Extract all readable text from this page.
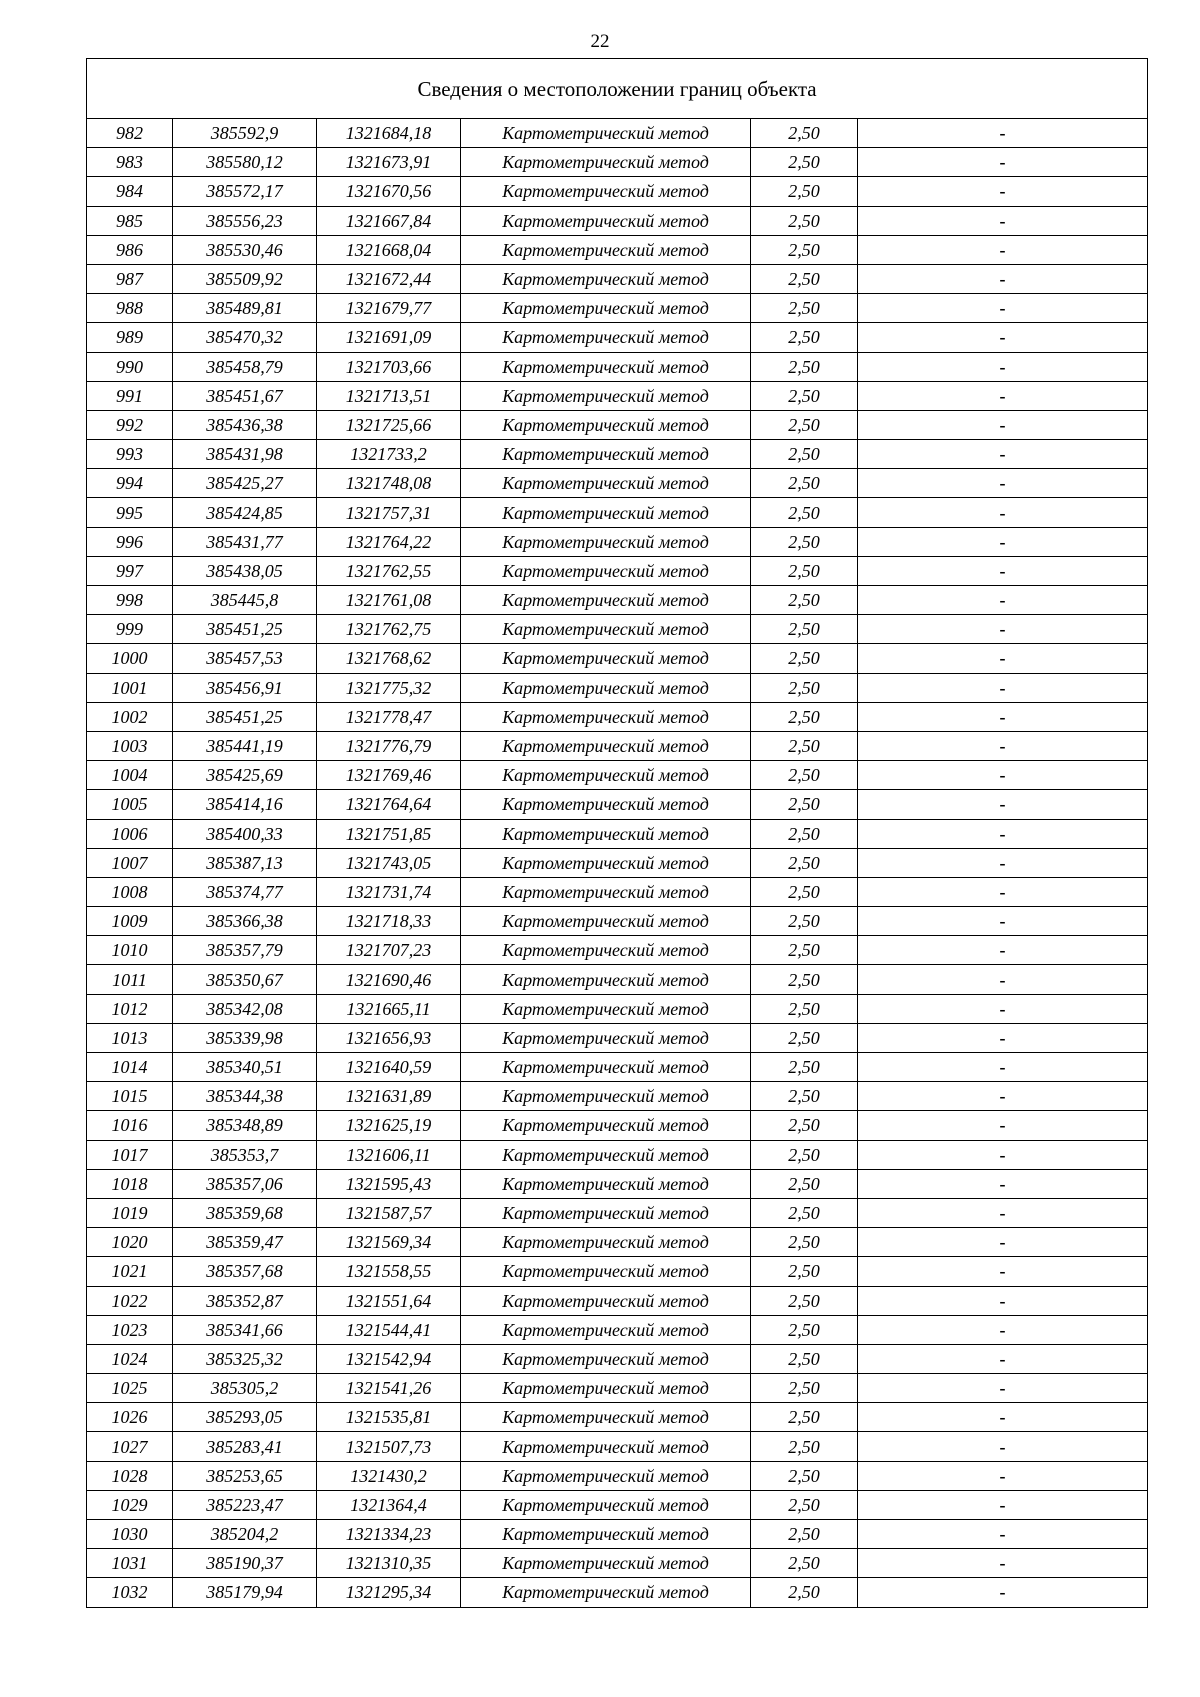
22
Сведения о местоположении границ объекта					
982	385592,9	1321684,18	Картометрический метод	2,50	-
983	385580,12	1321673,91	Картометрический метод	2,50	-
984	385572,17	1321670,56	Картометрический метод	2,50	-
985	385556,23	1321667,84	Картометрический метод	2,50	-
986	385530,46	1321668,04	Картометрический метод	2,50	-
987	385509,92	1321672,44	Картометрический метод	2,50	-
988	385489,81	1321679,77	Картометрический метод	2,50	-
989	385470,32	1321691,09	Картометрический метод	2,50	-
990	385458,79	1321703,66	Картометрический метод	2,50	-
991	385451,67	1321713,51	Картометрический метод	2,50	-
992	385436,38	1321725,66	Картометрический метод	2,50	-
993	385431,98	1321733,2	Картометрический метод	2,50	-
994	385425,27	1321748,08	Картометрический метод	2,50	-
995	385424,85	1321757,31	Картометрический метод	2,50	-
996	385431,77	1321764,22	Картометрический метод	2,50	-
997	385438,05	1321762,55	Картометрический метод	2,50	-
998	385445,8	1321761,08	Картометрический метод	2,50	-
999	385451,25	1321762,75	Картометрический метод	2,50	-
1000	385457,53	1321768,62	Картометрический метод	2,50	-
1001	385456,91	1321775,32	Картометрический метод	2,50	-
1002	385451,25	1321778,47	Картометрический метод	2,50	-
1003	385441,19	1321776,79	Картометрический метод	2,50	-
1004	385425,69	1321769,46	Картометрический метод	2,50	-
1005	385414,16	1321764,64	Картометрический метод	2,50	-
1006	385400,33	1321751,85	Картометрический метод	2,50	-
1007	385387,13	1321743,05	Картометрический метод	2,50	-
1008	385374,77	1321731,74	Картометрический метод	2,50	-
1009	385366,38	1321718,33	Картометрический метод	2,50	-
1010	385357,79	1321707,23	Картометрический метод	2,50	-
1011	385350,67	1321690,46	Картометрический метод	2,50	-
1012	385342,08	1321665,11	Картометрический метод	2,50	-
1013	385339,98	1321656,93	Картометрический метод	2,50	-
1014	385340,51	1321640,59	Картометрический метод	2,50	-
1015	385344,38	1321631,89	Картометрический метод	2,50	-
1016	385348,89	1321625,19	Картометрический метод	2,50	-
1017	385353,7	1321606,11	Картометрический метод	2,50	-
1018	385357,06	1321595,43	Картометрический метод	2,50	-
1019	385359,68	1321587,57	Картометрический метод	2,50	-
1020	385359,47	1321569,34	Картометрический метод	2,50	-
1021	385357,68	1321558,55	Картометрический метод	2,50	-
1022	385352,87	1321551,64	Картометрический метод	2,50	-
1023	385341,66	1321544,41	Картометрический метод	2,50	-
1024	385325,32	1321542,94	Картометрический метод	2,50	-
1025	385305,2	1321541,26	Картометрический метод	2,50	-
1026	385293,05	1321535,81	Картометрический метод	2,50	-
1027	385283,41	1321507,73	Картометрический метод	2,50	-
1028	385253,65	1321430,2	Картометрический метод	2,50	-
1029	385223,47	1321364,4	Картометрический метод	2,50	-
1030	385204,2	1321334,23	Картометрический метод	2,50	-
1031	385190,37	1321310,35	Картометрический метод	2,50	-
1032	385179,94	1321295,34	Картометрический метод	2,50	-
